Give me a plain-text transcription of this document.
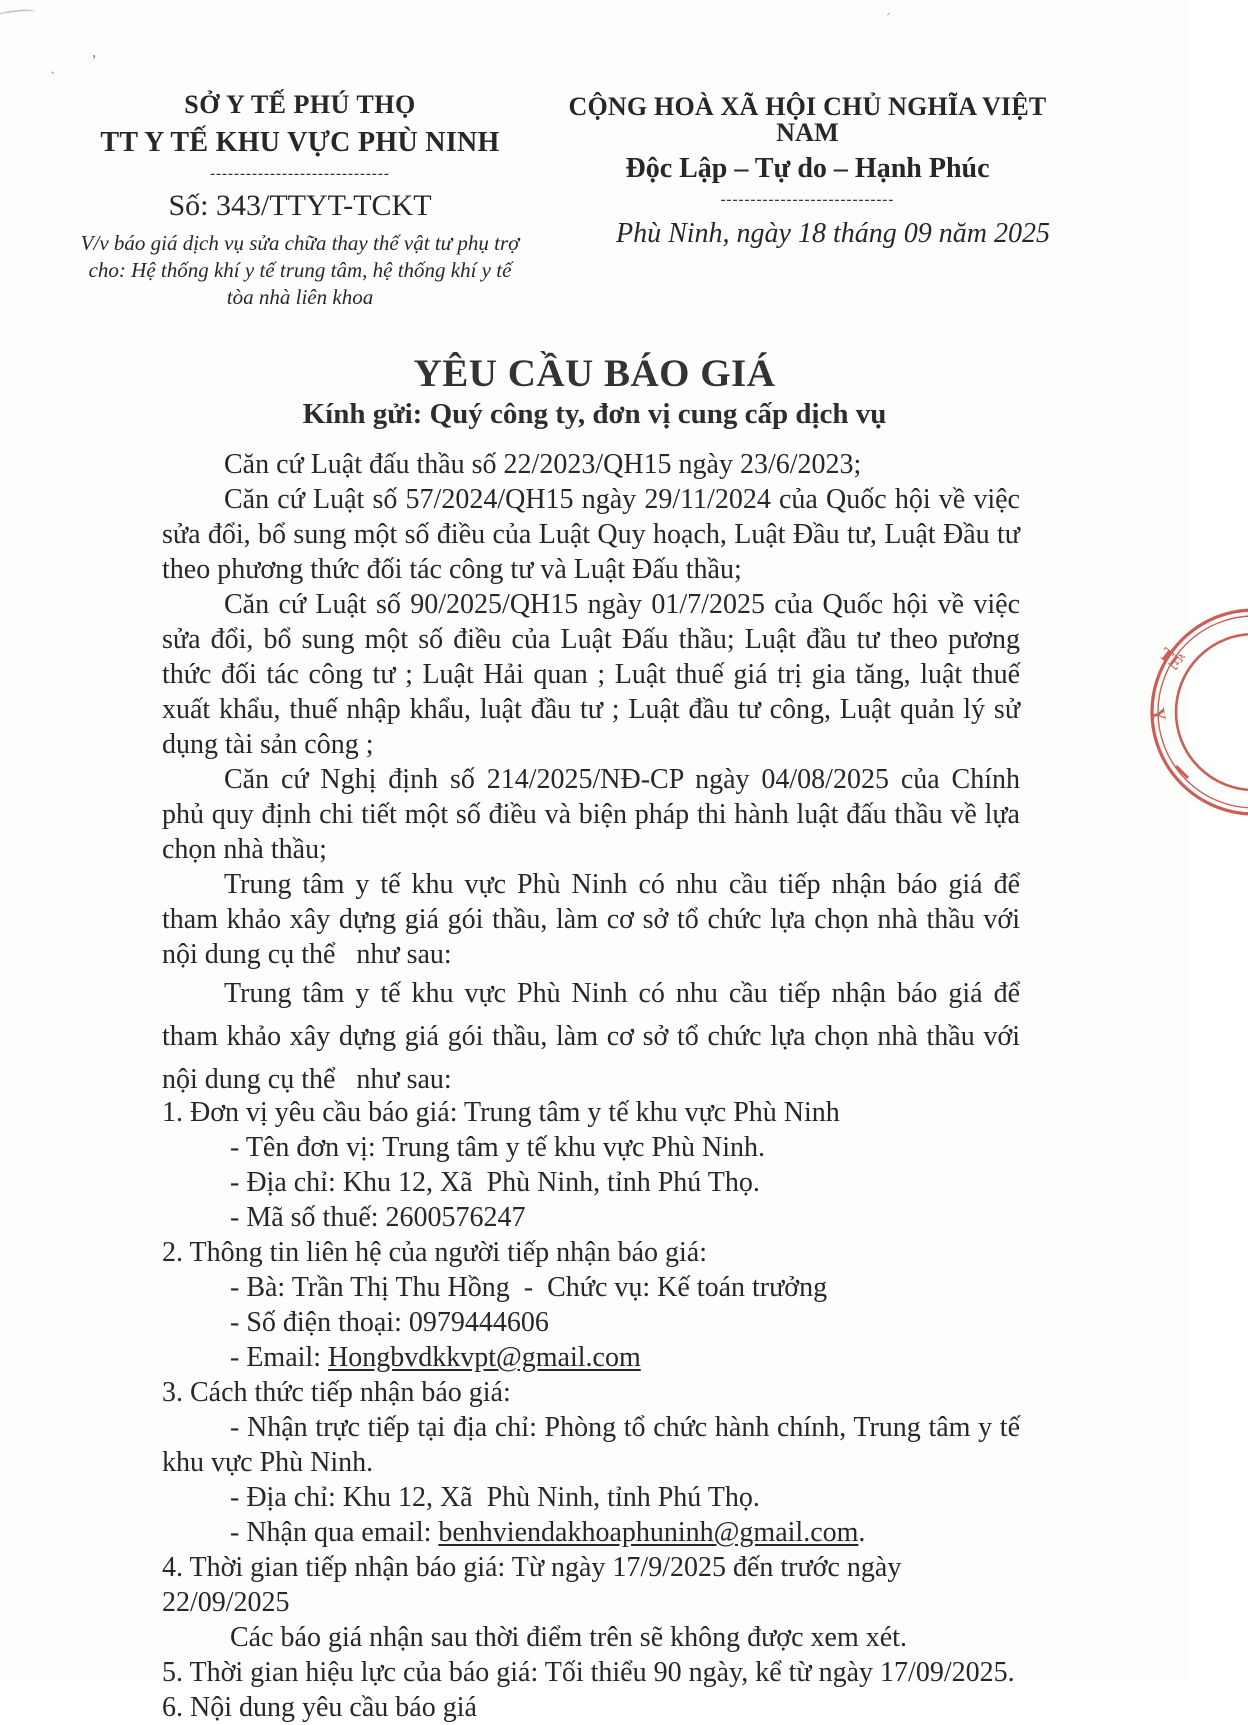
,
`
´
SỞ Y TẾ PHÚ THỌ
TT Y TẾ KHU VỰC PHÙ NINH
------------------------------
Số: 343/TTYT-TCKT
V/v báo giá dịch vụ sửa chữa thay thế vật tư phụ trợ cho: Hệ thống khí y tế trung tâm, hệ thống khí y tế tòa nhà liên khoa
CỘNG HOÀ XÃ HỘI CHỦ NGHĨA VIỆT NAM
Độc Lập – Tự do – Hạnh Phúc
-----------------------------
Phù Ninh, ngày 18 tháng 09 năm 2025
YÊU CẦU BÁO GIÁ
Kính gửi: Quý công ty, đơn vị cung cấp dịch vụ

Căn cứ Luật đấu thầu số 22/2023/QH15 ngày 23/6/2023;

Căn cứ Luật số 57/2024/QH15 ngày 29/11/2024 của Quốc hội về việc sửa đổi, bổ sung một số điều của Luật Quy hoạch, Luật Đầu tư, Luật Đầu tư theo phương thức đối tác công tư và Luật Đấu thầu;

Căn cứ Luật số 90/2025/QH15 ngày 01/7/2025 của Quốc hội về việc sửa đổi, bổ sung một số điều của Luật Đấu thầu; Luật đầu tư theo pương thức đối tác công tư ; Luật Hải quan ; Luật thuế giá trị gia tăng, luật thuế xuất khẩu, thuế nhập khẩu, luật đầu tư ; Luật đầu tư công, Luật quản lý sử dụng tài sản công ;

Căn cứ Nghị định số 214/2025/NĐ-CP ngày 04/08/2025 của Chính phủ quy định chi tiết một số điều và biện pháp thi hành luật đấu thầu về lựa chọn nhà thầu;

Trung tâm y tế khu vực Phù Ninh có nhu cầu tiếp nhận báo giá để tham khảo xây dựng giá gói thầu, làm cơ sở tổ chức lựa chọn nhà thầu với nội dung cụ thể   như sau:

Trung tâm y tế khu vực Phù Ninh có nhu cầu tiếp nhận báo giá để tham khảo xây dựng giá gói thầu, làm cơ sở tổ chức lựa chọn nhà thầu với nội dung cụ thể   như sau:

1. Đơn vị yêu cầu báo giá: Trung tâm y tế khu vực Phù Ninh

- Tên đơn vị: Trung tâm y tế khu vực Phù Ninh.

- Địa chỉ: Khu 12, Xã  Phù Ninh, tỉnh Phú Thọ.

- Mã số thuế: 2600576247

2. Thông tin liên hệ của người tiếp nhận báo giá:

- Bà: Trần Thị Thu Hồng  -  Chức vụ: Kế toán trưởng

- Số điện thoại: 0979444606

- Email: Hongbvdkkvpt@gmail.com

3. Cách thức tiếp nhận báo giá:

- Nhận trực tiếp tại địa chỉ: Phòng tổ chức hành chính, Trung tâm y tế khu vực Phù Ninh.

- Địa chỉ: Khu 12, Xã  Phù Ninh, tỉnh Phú Thọ.

- Nhận qua email: benhviendakhoaphuninh@gmail.com.

4. Thời gian tiếp nhận báo giá: Từ ngày 17/9/2025 đến trước ngày 22/09/2025

Các báo giá nhận sau thời điểm trên sẽ không được xem xét.

5. Thời gian hiệu lực của báo giá: Tối thiểu 90 ngày, kể từ ngày 17/09/2025.

6. Nội dung yêu cầu báo giá

TẾ
Y
